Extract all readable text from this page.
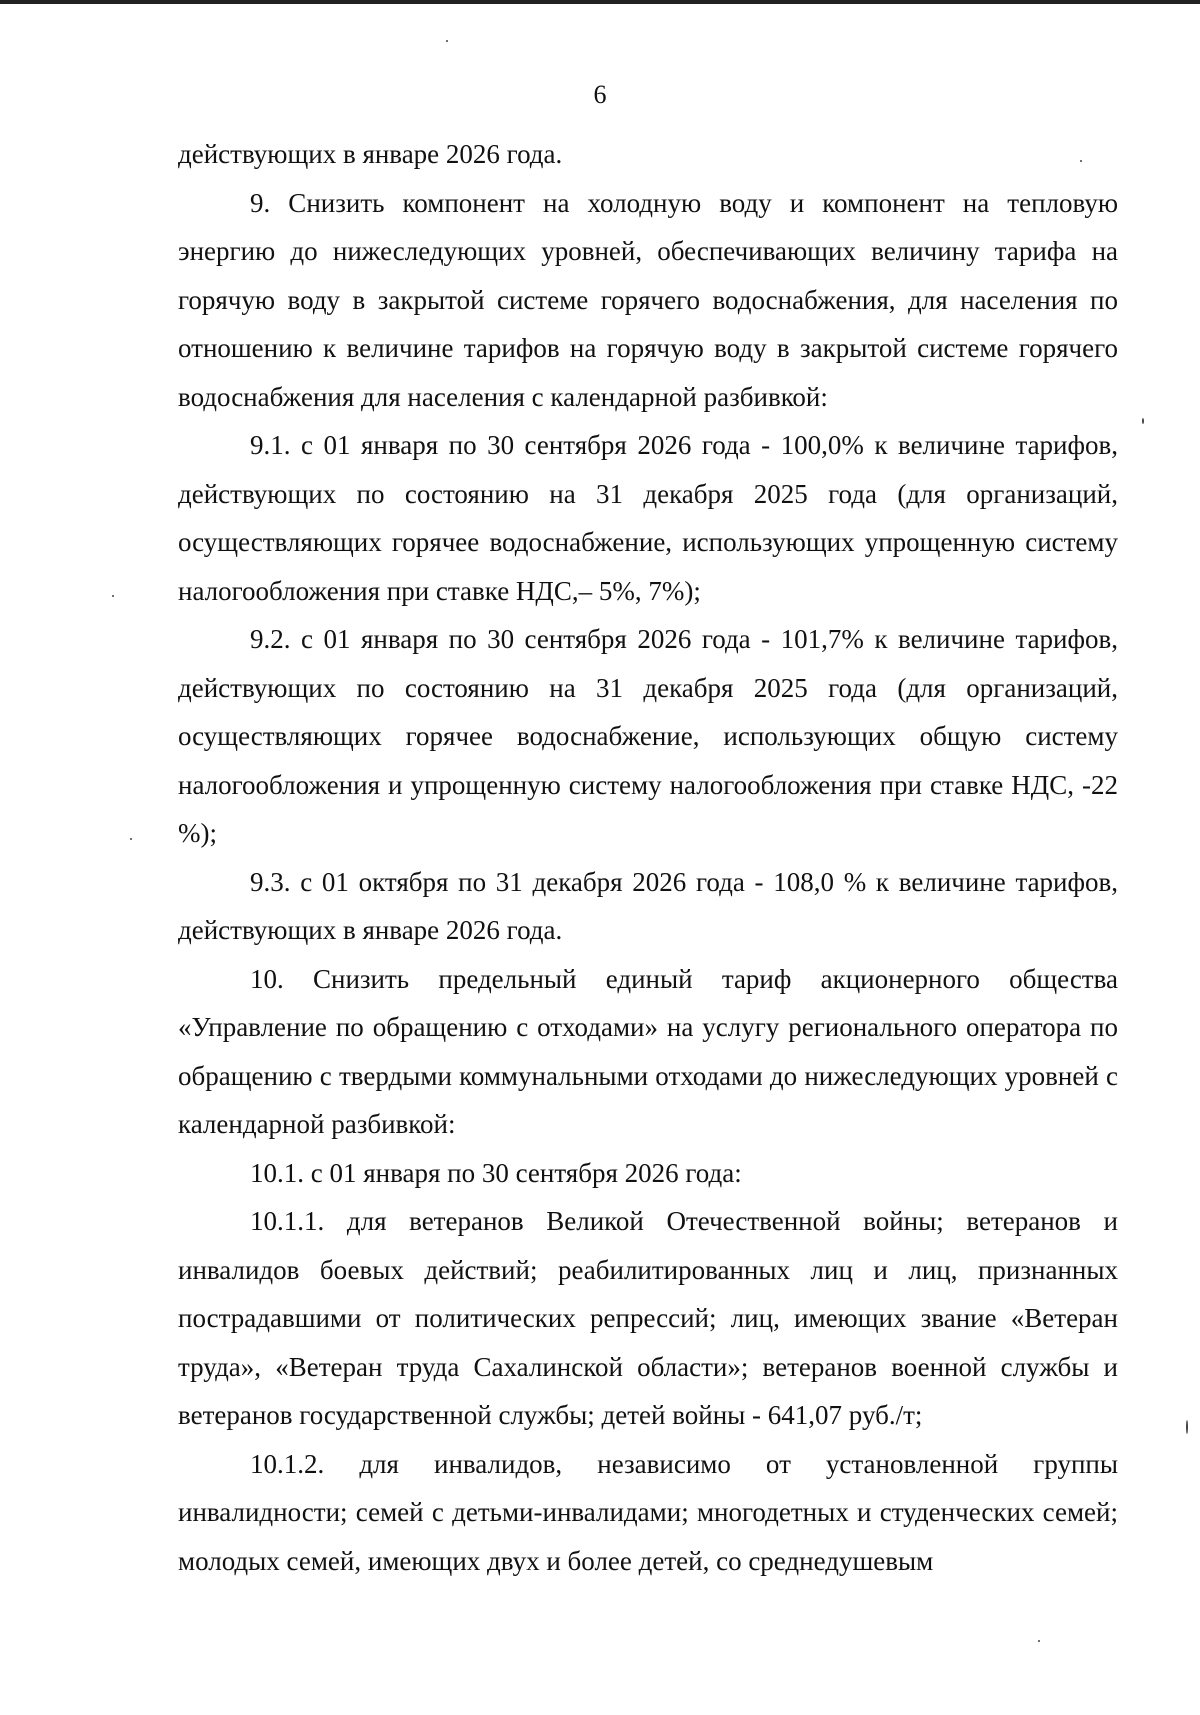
6

действующих в январе 2026 года.

9. Снизить компонент на холодную воду и компонент на тепловую энергию до нижеследующих уровней, обеспечивающих величину тарифа на горячую воду в закрытой системе горячего водоснабжения, для населения по отношению к величине тарифов на горячую воду в закрытой системе горячего водоснабжения для населения с календарной разбивкой:

9.1. с 01 января по 30 сентября 2026 года - 100,0% к величине тарифов, действующих по состоянию на 31 декабря 2025 года (для организаций, осуществляющих горячее водоснабжение, использующих упрощенную систему налогообложения при ставке НДС,– 5%, 7%);

9.2. с 01 января по 30 сентября 2026 года - 101,7% к величине тарифов, действующих по состоянию на 31 декабря 2025 года (для организаций, осуществляющих горячее водоснабжение, использующих общую систему налогообложения и упрощенную систему налогообложения при ставке НДС, -22 %);

9.3. с 01 октября по 31 декабря 2026 года - 108,0 % к величине тарифов, действующих в январе 2026 года.

10. Снизить предельный единый тариф акционерного общества «Управление по обращению с отходами» на услугу регионального оператора по обращению с твердыми коммунальными отходами до нижеследующих уровней с календарной разбивкой:

10.1. с 01 января по 30 сентября 2026 года:

10.1.1. для ветеранов Великой Отечественной войны; ветеранов и инвалидов боевых действий; реабилитированных лиц и лиц, признанных пострадавшими от политических репрессий; лиц, имеющих звание «Ветеран труда», «Ветеран труда Сахалинской области»; ветеранов военной службы и ветеранов государственной службы; детей войны - 641,07 руб./т;

10.1.2. для инвалидов, независимо от установленной группы инвалидности; семей с детьми-инвалидами; многодетных и студенческих семей; молодых семей, имеющих двух и более детей, со среднедушевым
